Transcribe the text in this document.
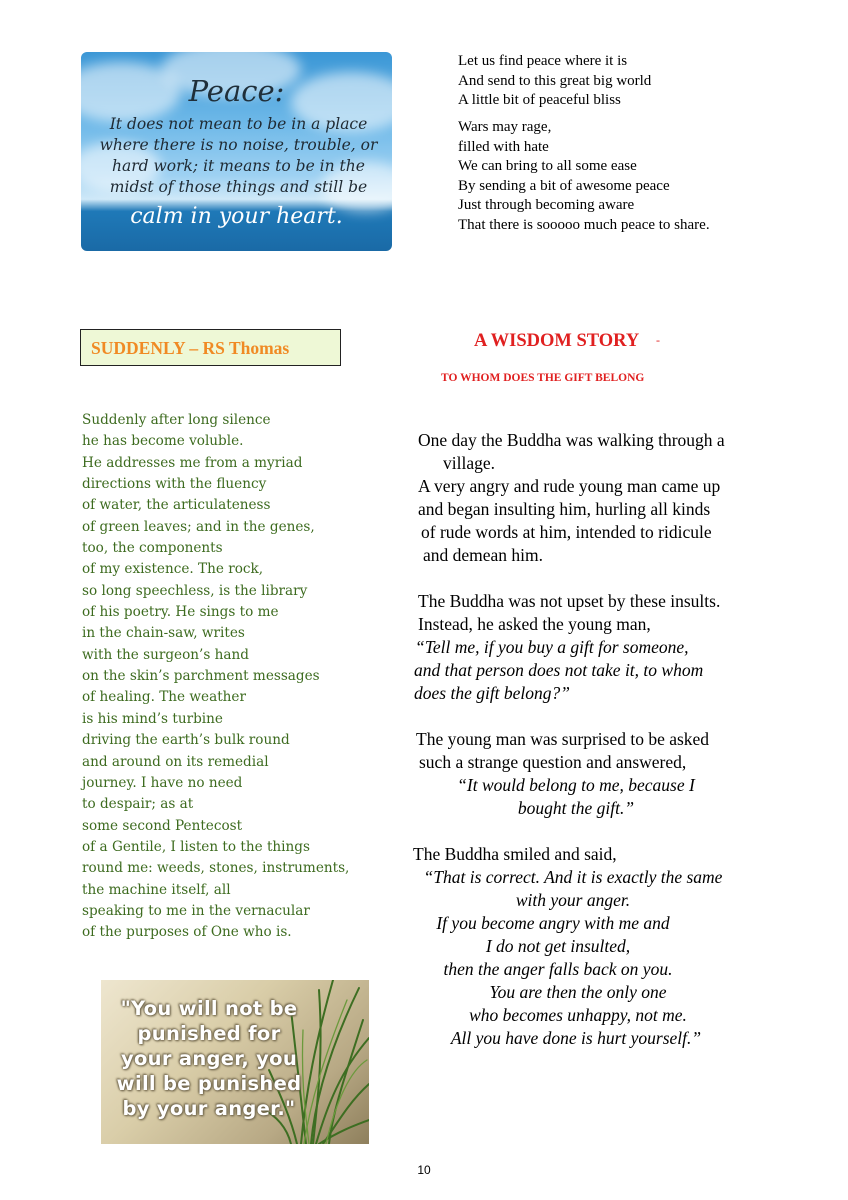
Peace:
It does not mean to be in a place
where there is no noise, trouble, or
hard work; it means to be in the
midst of those things and still be
calm in your heart.
Let us find peace where it is
And send to this great big world
A little bit of peaceful bliss
Wars may rage,
filled with hate
We can bring to all some ease
By sending a bit of awesome peace
Just through becoming aware
That there is sooooo much peace to share.
SUDDENLY – RS Thomas	A WISDOM STORY -
TO WHOM DOES THE GIFT BELONG
Suddenly after long silence
he has become voluble.
He addresses me from a myriad
directions with the fluency
of water, the articulateness
of green leaves; and in the genes,
too, the components
of my existence. The rock,
so long speechless, is the library
of his poetry. He sings to me
in the chain-saw, writes
with the surgeon’s hand
on the skin’s parchment messages
of healing. The weather
is his mind’s turbine
driving the earth’s bulk round
and around on its remedial
journey. I have no need
to despair; as at
some second Pentecost
of a Gentile, I listen to the things
round me: weeds, stones, instruments,
the machine itself, all
speaking to me in the vernacular
of the purposes of One who is.
One day the Buddha was walking through a
village.
A very angry and rude young man came up
and began insulting him, hurling all kinds
of rude words at him, intended to ridicule
and demean him.
The Buddha was not upset by these insults.
Instead, he asked the young man,
“Tell me, if you buy a gift for someone,
and that person does not take it, to whom
does the gift belong?”
The young man was surprised to be asked
such a strange question and answered,
“It would belong to me, because I
bought the gift.”
The Buddha smiled and said,
“That is correct. And it is exactly the same
with your anger.
If you become angry with me and
I do not get insulted,
then the anger falls back on you.
You are then the only one
who becomes unhappy, not me.
All you have done is hurt yourself.”
"You will not be
punished for
your anger, you
will be punished
by your anger."
10
